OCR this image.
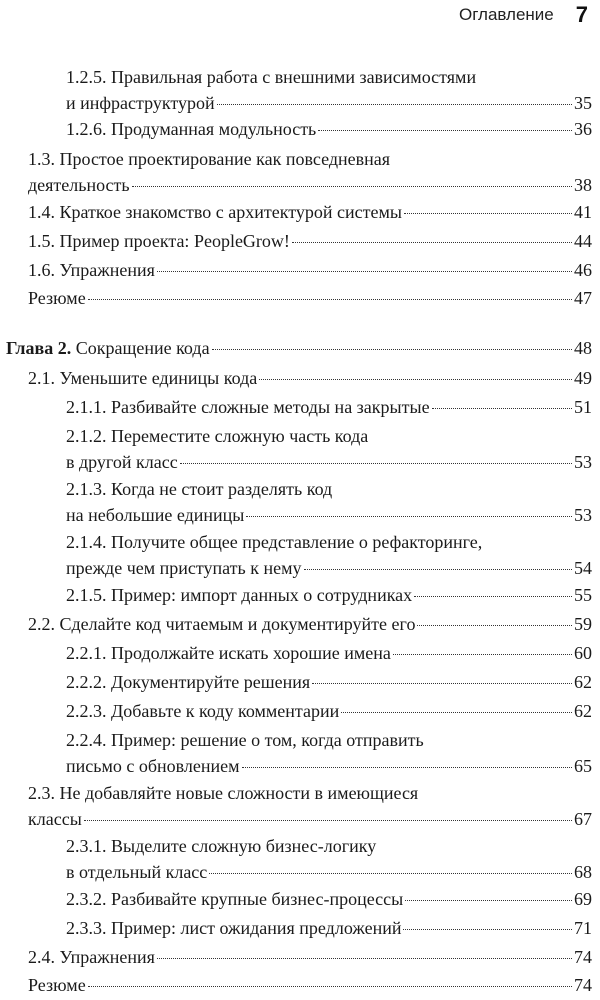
Оглавление 7
1.2.5. Правильная работа с внешними зависимостями
и инфраструктурой	35
1.2.6. Продуманная модульность	36
1.3. Простое проектирование как повседневная
деятельность	38
1.4. Краткое знакомство с архитектурой системы	41
1.5. Пример проекта: PeopleGrow!	44
1.6. Упражнения	46
Резюме	47
Глава 2. Сокращение кода	48
2.1. Уменьшите единицы кода	49
2.1.1. Разбивайте сложные методы на закрытые	51
2.1.2. Переместите сложную часть кода
в другой класс	53
2.1.3. Когда не стоит разделять код
на небольшие единицы	53
2.1.4. Получите общее представление о рефакторинге,
прежде чем приступать к нему	54
2.1.5. Пример: импорт данных о сотрудниках	55
2.2. Сделайте код читаемым и документируйте его	59
2.2.1. Продолжайте искать хорошие имена	60
2.2.2. Документируйте решения	62
2.2.3. Добавьте к коду комментарии	62
2.2.4. Пример: решение о том, когда отправить
письмо с обновлением	65
2.3. Не добавляйте новые сложности в имеющиеся
классы	67
2.3.1. Выделите сложную бизнес-логику
в отдельный класс	68
2.3.2. Разбивайте крупные бизнес-процессы	69
2.3.3. Пример: лист ожидания предложений	71
2.4. Упражнения	74
Резюме	74
